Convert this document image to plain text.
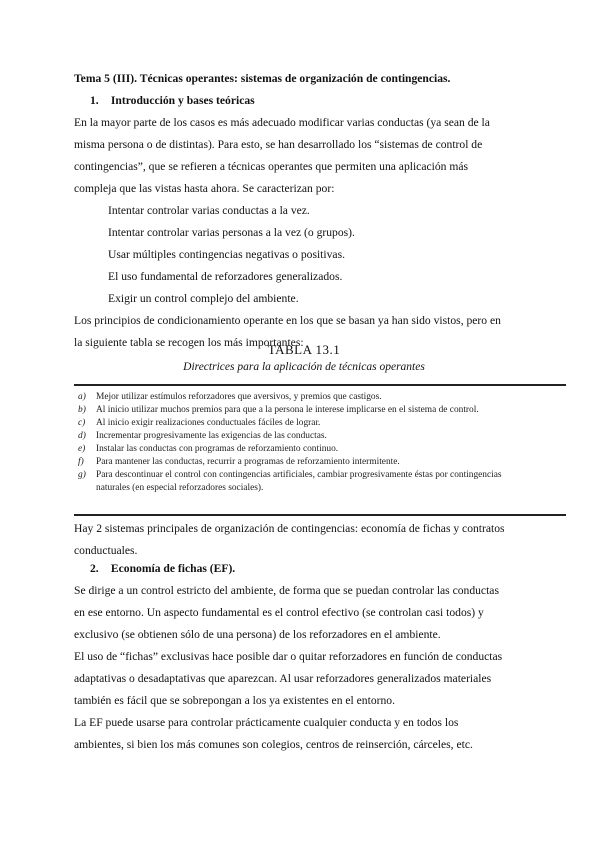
Tema 5 (III). Técnicas operantes: sistemas de organización de contingencias.
1. Introducción y bases teóricas
En la mayor parte de los casos es más adecuado modificar varias conductas (ya sean de la
misma persona o de distintas). Para esto, se han desarrollado los “sistemas de control de
contingencias”, que se refieren a técnicas operantes que permiten una aplicación más
compleja que las vistas hasta ahora. Se caracterizan por:
Intentar controlar varias conductas a la vez.
Intentar controlar varias personas a la vez (o grupos).
Usar múltiples contingencias negativas o positivas.
El uso fundamental de reforzadores generalizados.
Exigir un control complejo del ambiente.
Los principios de condicionamiento operante en los que se basan ya han sido vistos, pero en
la siguiente tabla se recogen los más importantes:
TABLA 13.1
Directrices para la aplicación de técnicas operantes
a) Mejor utilizar estímulos reforzadores que aversivos, y premios que castigos.
b) Al inicio utilizar muchos premios para que a la persona le interese implicarse en el sistema de control.
c) Al inicio exigir realizaciones conductuales fáciles de lograr.
d) Incrementar progresivamente las exigencias de las conductas.
e) Instalar las conductas con programas de reforzamiento continuo.
f) Para mantener las conductas, recurrir a programas de reforzamiento intermitente.
g) Para descontinuar el control con contingencias artificiales, cambiar progresivamente éstas por contingencias
naturales (en especial reforzadores sociales).
Hay 2 sistemas principales de organización de contingencias: economía de fichas y contratos
conductuales.
2. Economía de fichas (EF).
Se dirige a un control estricto del ambiente, de forma que se puedan controlar las conductas
en ese entorno. Un aspecto fundamental es el control efectivo (se controlan casi todos) y
exclusivo (se obtienen sólo de una persona) de los reforzadores en el ambiente.
El uso de “fichas” exclusivas hace posible dar o quitar reforzadores en función de conductas
adaptativas o desadaptativas que aparezcan. Al usar reforzadores generalizados materiales
también es fácil que se sobrepongan a los ya existentes en el entorno.
La EF puede usarse para controlar prácticamente cualquier conducta y en todos los
ambientes, si bien los más comunes son colegios, centros de reinserción, cárceles, etc.
